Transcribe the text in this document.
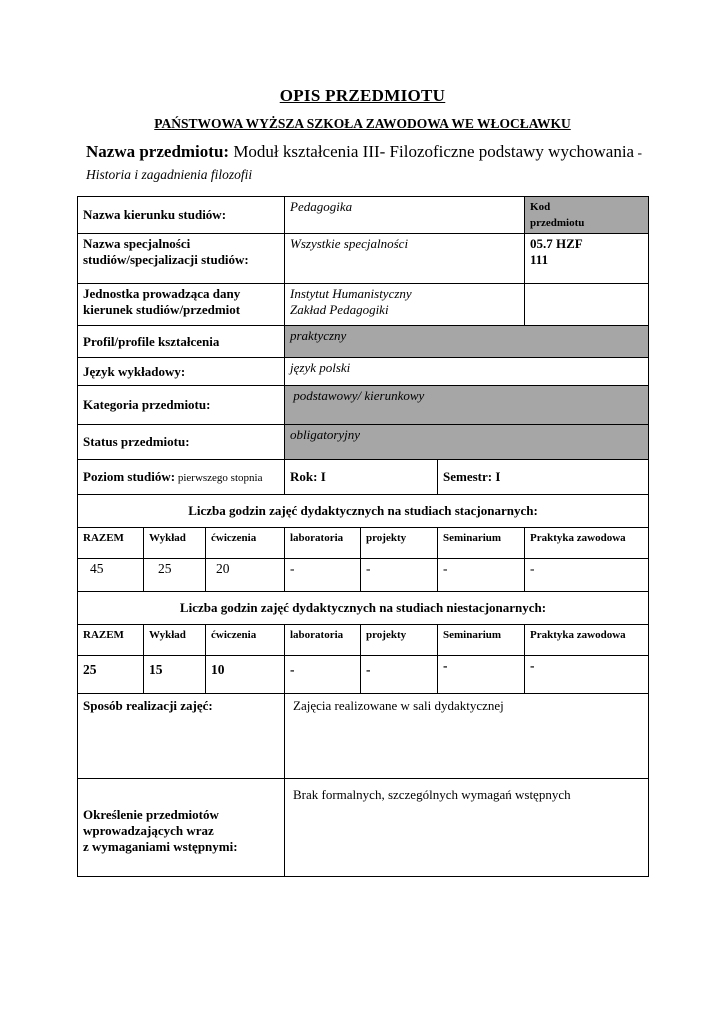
OPIS PRZEDMIOTU
PAŃSTWOWA WYŻSZA SZKOŁA ZAWODOWA WE WŁOCŁAWKU
Nazwa przedmiotu: Moduł kształcenia III- Filozoficzne podstawy wychowania - Historia i zagadnienia filozofii
Nazwa kierunku studiów:			Pedagogika			Kod przedmiotu
Nazwa specjalności studiów/specjalizacji studiów:			Wszystkie specjalności			05.7 HZF 111
Jednostka prowadząca dany kierunek studiów/przedmiot			Instytut Humanistyczny
Zakład Pedagogiki			

Profil/profile kształcenia			praktyczny			
Język wykładowy:			język polski			
Kategoria przedmiotu:			podstawowy/ kierunkowy			
Status przedmiotu:			obligatoryjny			
Poziom studiów: pierwszego stopnia			Rok: I		Semestr: I	
Liczba godzin zajęć dydaktycznych na studiach stacjonarnych:						
RAZEM	Wykład	ćwiczenia	laboratoria	projekty	Seminarium	Praktyka zawodowa
45	25	20	-	-	-	-
Liczba godzin zajęć dydaktycznych na studiach niestacjonarnych:						
RAZEM	Wykład	ćwiczenia	laboratoria	projekty	Seminarium	Praktyka zawodowa
25	15	10	-	-	-	-
Sposób realizacji zajęć:			Zajęcia realizowane w sali dydaktycznej			

Określenie przedmiotów
wprowadzających wraz
z wymaganiami wstępnymi:			Brak formalnych, szczególnych wymagań wstępnych			
